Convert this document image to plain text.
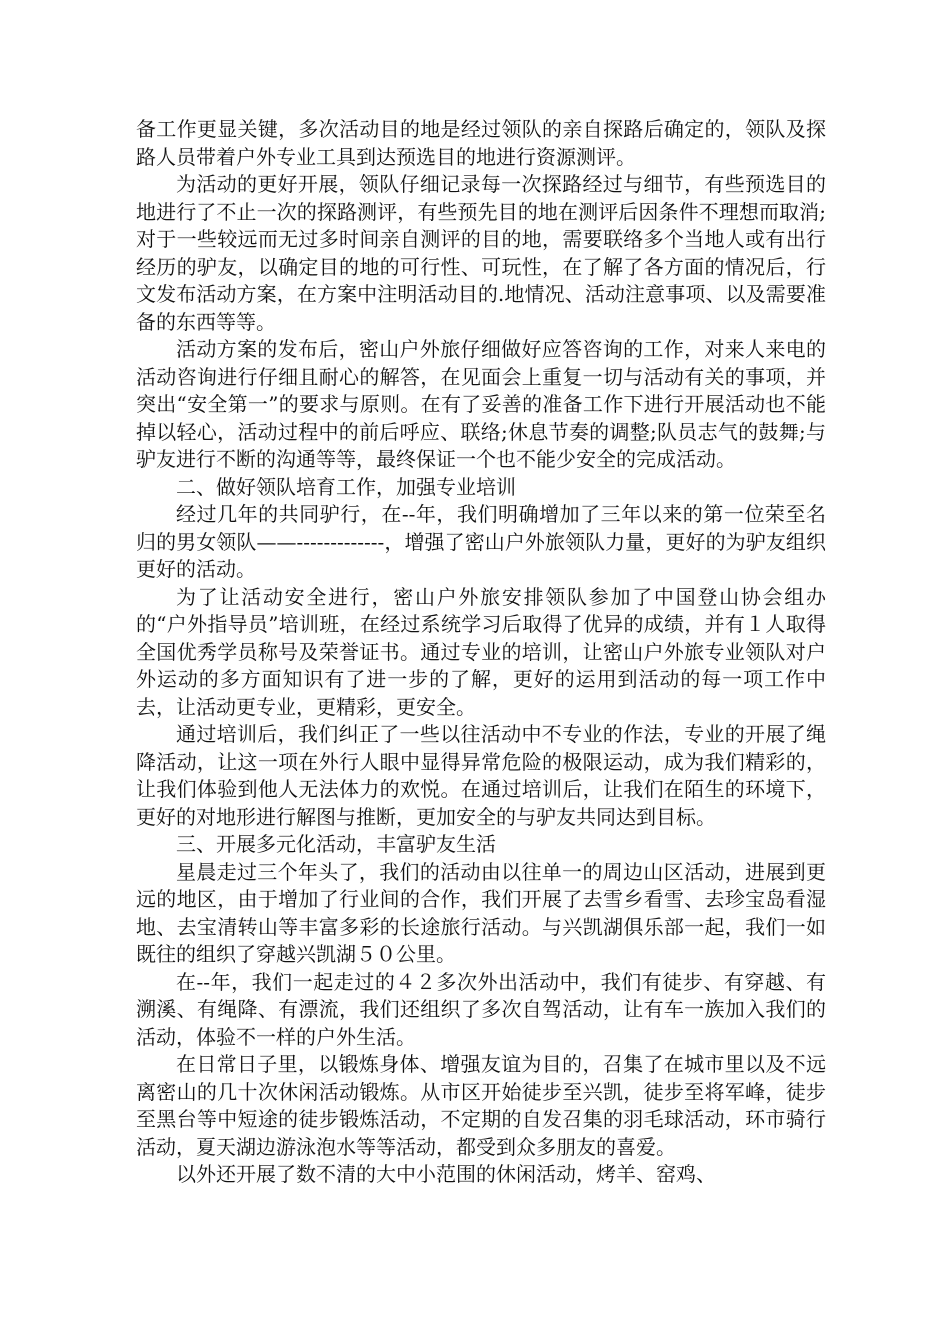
备工作更显关键，多次活动目的地是经过领队的亲自探路后确定的，领队及探路人员带着户外专业工具到达预选目的地进行资源测评。

为活动的更好开展，领队仔细记录每一次探路经过与细节，有些预选目的地进行了不止一次的探路测评，有些预先目的地在测评后因条件不理想而取消;对于一些较远而无过多时间亲自测评的目的地，需要联络多个当地人或有出行经历的驴友，以确定目的地的可行性、可玩性，在了解了各方面的情况后，行文发布活动方案，在方案中注明活动目的.地情况、活动注意事项、以及需要准备的东西等等。

活动方案的发布后，密山户外旅仔细做好应答咨询的工作，对来人来电的活动咨询进行仔细且耐心的解答，在见面会上重复一切与活动有关的事项，并突出“安全第一”的要求与原则。在有了妥善的准备工作下进行开展活动也不能掉以轻心，活动过程中的前后呼应、联络;休息节奏的调整;队员志气的鼓舞;与驴友进行不断的沟通等等，最终保证一个也不能少安全的完成活动。

二、做好领队培育工作，加强专业培训

经过几年的共同驴行，在--年，我们明确增加了三年以来的第一位荣至名归的男女领队——-------------，增强了密山户外旅领队力量，更好的为驴友组织更好的活动。

为了让活动安全进行，密山户外旅安排领队参加了中国登山协会组办的“户外指导员”培训班，在经过系统学习后取得了优异的成绩，并有１人取得全国优秀学员称号及荣誉证书。通过专业的培训，让密山户外旅专业领队对户外运动的多方面知识有了进一步的了解，更好的运用到活动的每一项工作中去，让活动更专业，更精彩，更安全。

通过培训后，我们纠正了一些以往活动中不专业的作法，专业的开展了绳降活动，让这一项在外行人眼中显得异常危险的极限运动，成为我们精彩的，让我们体验到他人无法体力的欢悦。在通过培训后，让我们在陌生的环境下，更好的对地形进行解图与推断，更加安全的与驴友共同达到目标。

三、开展多元化活动，丰富驴友生活

星晨走过三个年头了，我们的活动由以往单一的周边山区活动，进展到更远的地区，由于增加了行业间的合作，我们开展了去雪乡看雪、去珍宝岛看湿地、去宝清转山等丰富多彩的长途旅行活动。与兴凯湖俱乐部一起，我们一如既往的组织了穿越兴凯湖５０公里。

在--年，我们一起走过的４２多次外出活动中，我们有徒步、有穿越、有溯溪、有绳降、有漂流，我们还组织了多次自驾活动，让有车一族加入我们的活动，体验不一样的户外生活。

在日常日子里，以锻炼身体、增强友谊为目的，召集了在城市里以及不远离密山的几十次休闲活动锻炼。从市区开始徒步至兴凯，徒步至将军峰，徒步至黑台等中短途的徒步锻炼活动，不定期的自发召集的羽毛球活动，环市骑行活动，夏天湖边游泳泡水等等活动，都受到众多朋友的喜爱。

以外还开展了数不清的大中小范围的休闲活动，烤羊、窑鸡、
